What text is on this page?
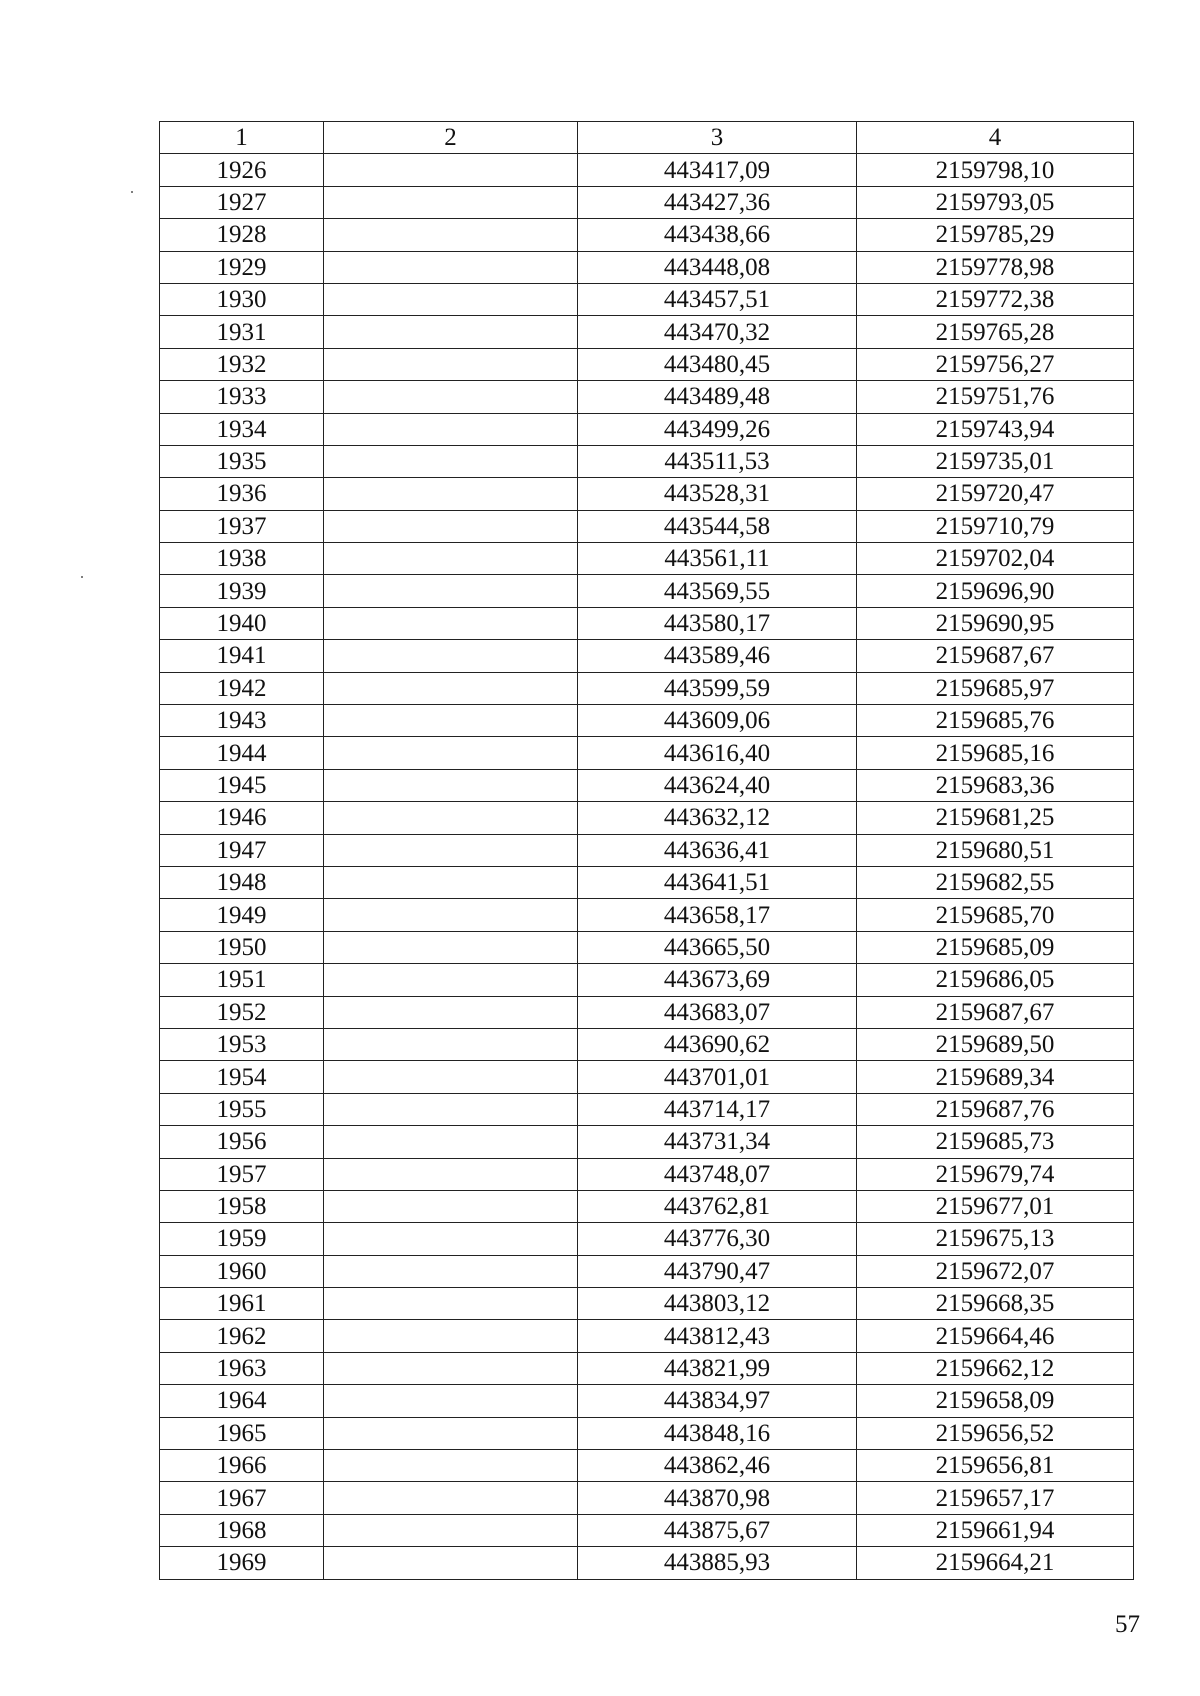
1	2	3	4
1926		443417,09	2159798,10
1927		443427,36	2159793,05
1928		443438,66	2159785,29
1929		443448,08	2159778,98
1930		443457,51	2159772,38
1931		443470,32	2159765,28
1932		443480,45	2159756,27
1933		443489,48	2159751,76
1934		443499,26	2159743,94
1935		443511,53	2159735,01
1936		443528,31	2159720,47
1937		443544,58	2159710,79
1938		443561,11	2159702,04
1939		443569,55	2159696,90
1940		443580,17	2159690,95
1941		443589,46	2159687,67
1942		443599,59	2159685,97
1943		443609,06	2159685,76
1944		443616,40	2159685,16
1945		443624,40	2159683,36
1946		443632,12	2159681,25
1947		443636,41	2159680,51
1948		443641,51	2159682,55
1949		443658,17	2159685,70
1950		443665,50	2159685,09
1951		443673,69	2159686,05
1952		443683,07	2159687,67
1953		443690,62	2159689,50
1954		443701,01	2159689,34
1955		443714,17	2159687,76
1956		443731,34	2159685,73
1957		443748,07	2159679,74
1958		443762,81	2159677,01
1959		443776,30	2159675,13
1960		443790,47	2159672,07
1961		443803,12	2159668,35
1962		443812,43	2159664,46
1963		443821,99	2159662,12
1964		443834,97	2159658,09
1965		443848,16	2159656,52
1966		443862,46	2159656,81
1967		443870,98	2159657,17
1968		443875,67	2159661,94
1969		443885,93	2159664,21
57
